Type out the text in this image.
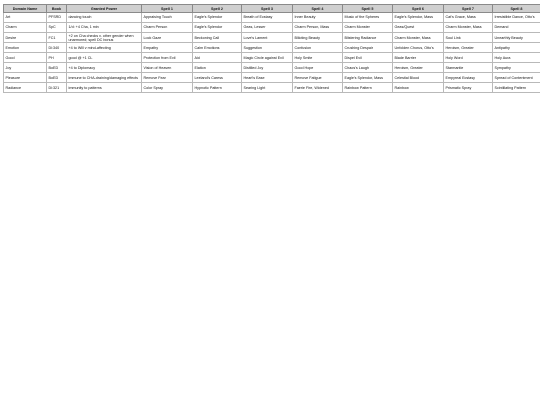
Domain Name	Book	Granted Power	Spell 1	Spell 2	Spell 3	Spell 4	Spell 5	Spell 6	Spell 7	Spell 8
Art	PFSRD	dancing touch	Appraising Touch	Eagle's Splendor	Breath of Ecstasy	Inner Beauty	Music of the Spheres	Eagle's Splendor, Mass	Cat's Grace, Mass	Irresistible Dance, Otto's
Charm	SpC	1/d: +4 Cha, 1 min	Charm Person	Eagle's Splendor	Geas, Lesser	Charm Person, Mass	Charm Monster	Geas/Quest	Charm Monster, Mass	Demand
Desire	FC1	+2 on Cha checks v. other gender when unarmored; spell DC bonus	Lock Gaze	Beckoning Call	Love's Lament	Bliloting Beauty	Blistering Radiance	Charm Monster, Mass	Soul Link	Unearthly Beauty
Emotion	Di:340	+4 to Will v mind-affecting	Empathy	Calm Emotions	Suggestion	Confusion	Crushing Despair	Unfolden Chorus, Otto's	Heroism, Greater	Antipathy
Good	PH	good @ +1 CL	Protection from Evil	Aid	Magic Circle against Evil	Holy Smite	Dispel Evil	Blade Barrier	Holy Word	Holy Aura
Joy	BoED	+4 to Diplomacy	Vision of Heaven	Elation	Distilled Joy	Good Hope	Chaos's Laugh	Heroism, Greater	Starmantle	Sympathy
Pleasure	BoED	immune to CHA-draining/damaging effects	Remove Fear	Leeland's Caress	Heart's Ease	Remove Fatigue	Eagle's Splendor, Mass	Celestial Blood	Empyreal Ecstasy	Spread of Contentment
Radiance	Di:321	immunity to patterns	Color Spray	Hypnotic Pattern	Searing Light	Faerie Fire, Widened	Rainbow Pattern	Rainbow	Prismatic Spray	Scintillating Pattern
